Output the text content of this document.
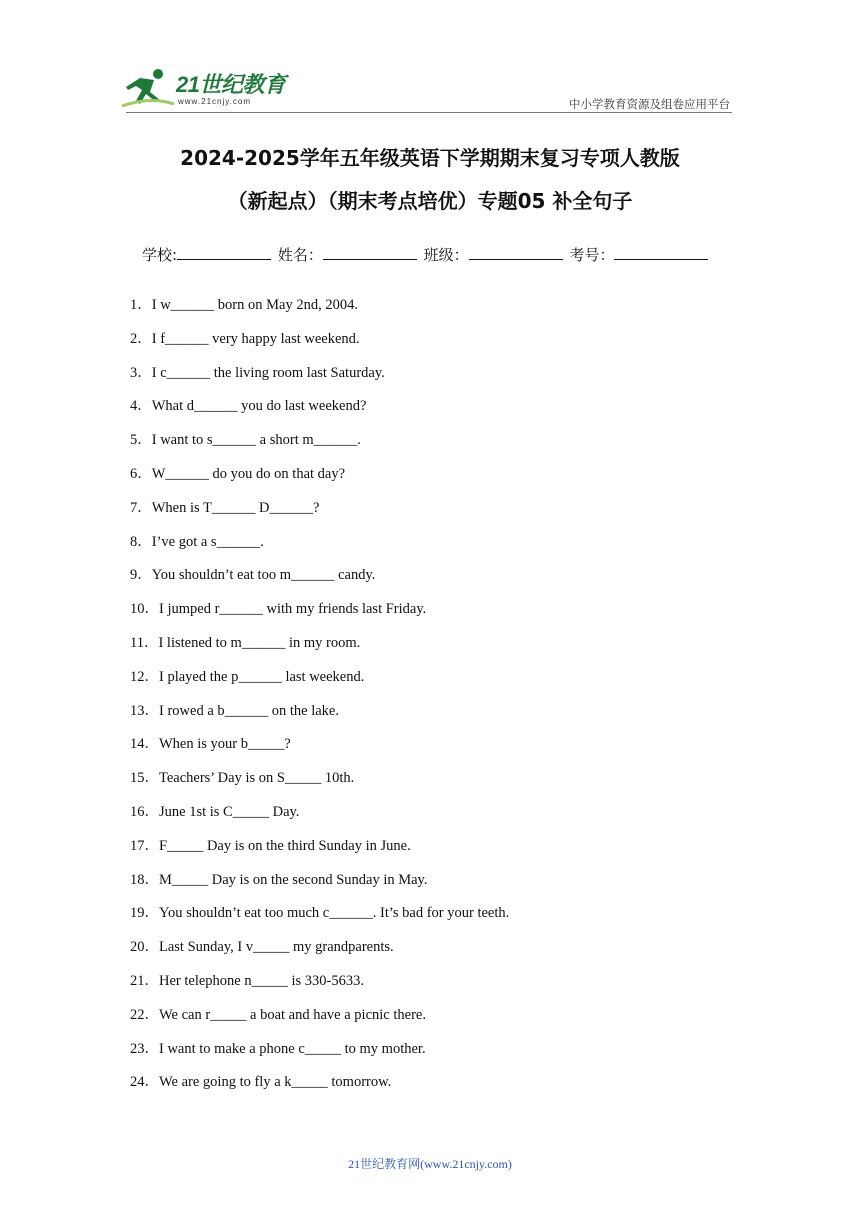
21世纪教育
www.21cnjy.com	中小学教育资源及组卷应用平台
2024-2025学年五年级英语下学期期末复习专项人教版
（新起点）（期末考点培优）专题05 补全句子
学校:	姓名：	班级：	考号：
1．I w______ born on May 2nd, 2004.
2．I f______ very happy last weekend.
3．I c______ the living room last Saturday.
4．What d______ you do last weekend?
5．I want to s______ a short m______.
6．W______ do you do on that day?
7．When is T______ D______?
8．I’ve got a s______.
9．You shouldn’t eat too m______ candy.
10．I jumped r______ with my friends last Friday.
11．I listened to m______ in my room.
12．I played the p______ last weekend.
13．I rowed a b______ on the lake.
14．When is your b_____?
15．Teachers’ Day is on S_____ 10th.
16．June 1st is C_____ Day.
17．F_____ Day is on the third Sunday in June.
18．M_____ Day is on the second Sunday in May.
19．You shouldn’t eat too much c______. It’s bad for your teeth.
20．Last Sunday, I v_____ my grandparents.
21．Her telephone n_____ is 330-5633.
22．We can r_____ a boat and have a picnic there.
23．I want to make a phone c_____ to my mother.
24．We are going to fly a k_____ tomorrow.
21世纪教育网(www.21cnjy.com)
